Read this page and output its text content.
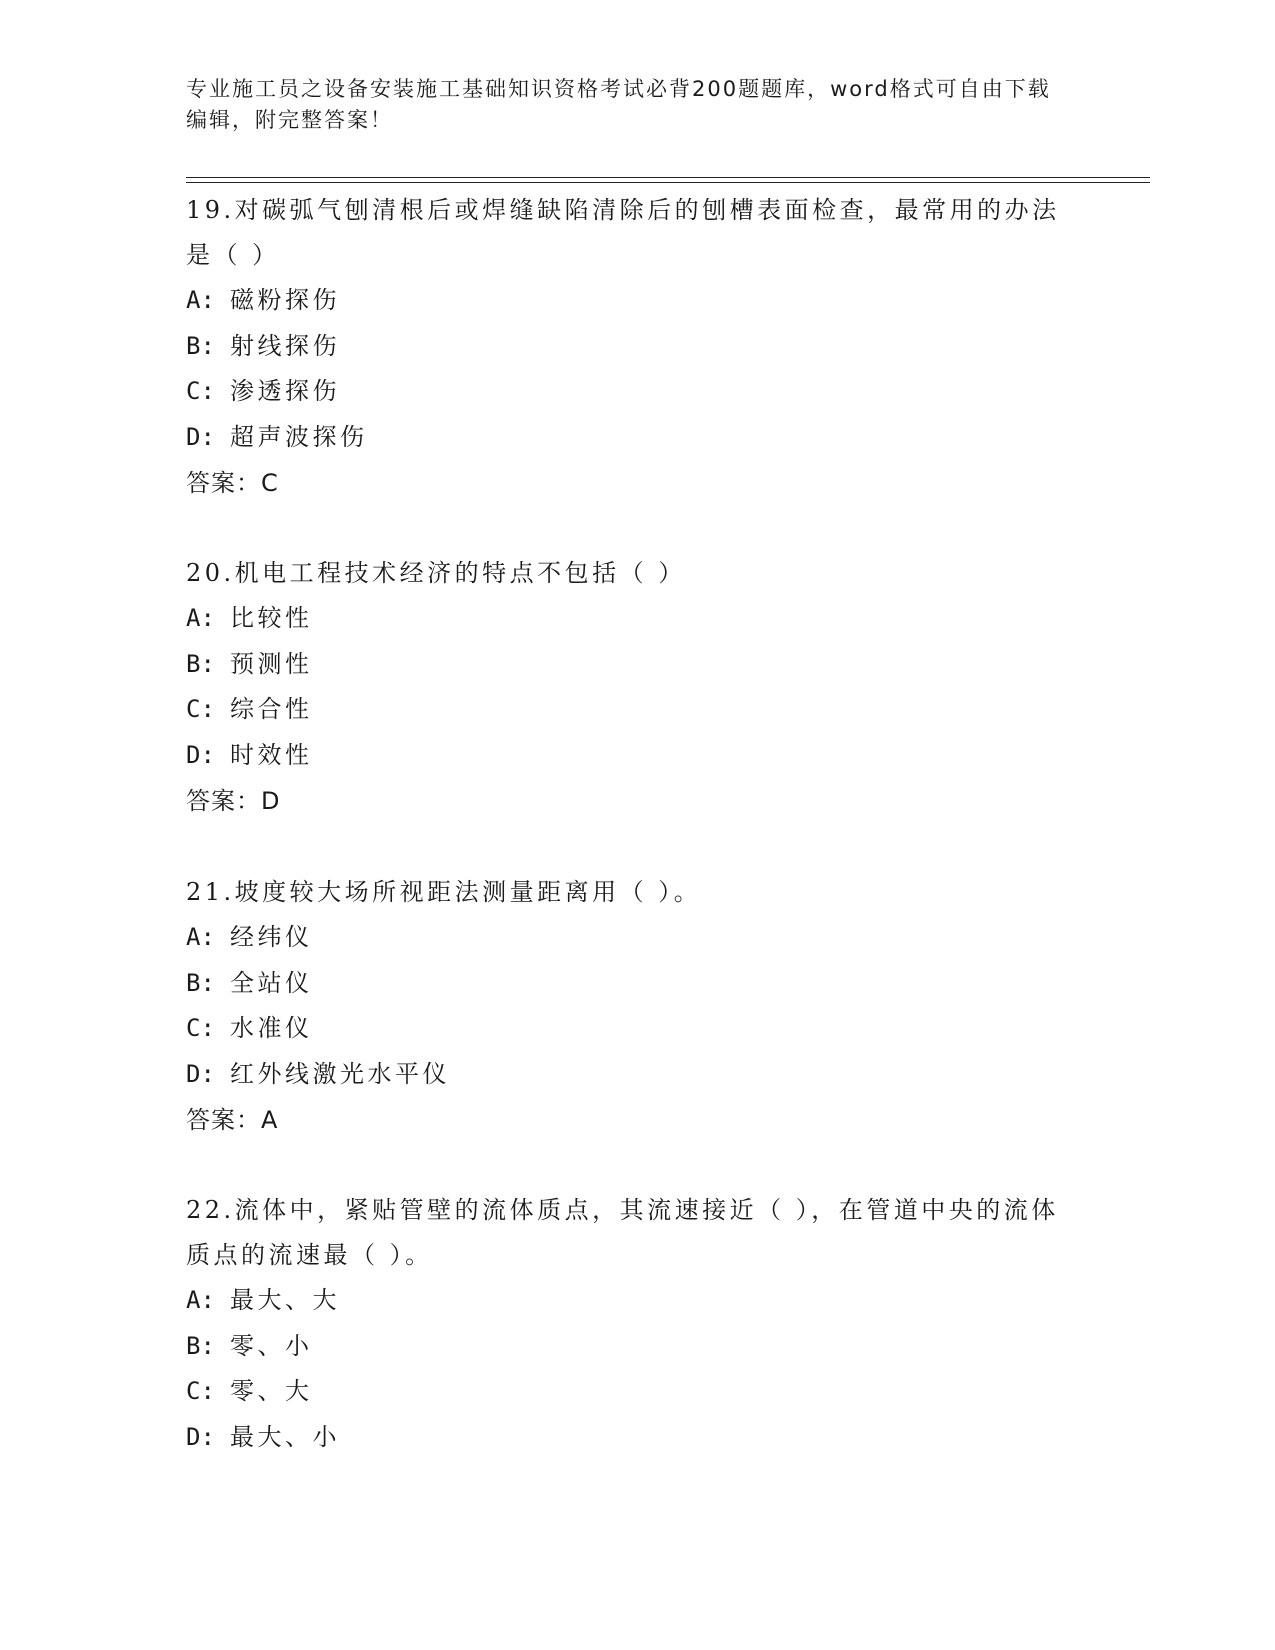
专业施工员之设备安装施工基础知识资格考试必背200题题库，word格式可自由下载编辑，附完整答案！

19.对碳弧气刨清根后或焊缝缺陷清除后的刨槽表面检查，最常用的办法是（ ）

A: 磁粉探伤

B: 射线探伤

C: 渗透探伤

D: 超声波探伤

答案：C

20.机电工程技术经济的特点不包括（ ）

A: 比较性

B: 预测性

C: 综合性

D: 时效性

答案：D

21.坡度较大场所视距法测量距离用（ ）。

A: 经纬仪

B: 全站仪

C: 水准仪

D: 红外线激光水平仪

答案：A

22.流体中，紧贴管壁的流体质点，其流速接近（ ），在管道中央的流体质点的流速最（ ）。

A: 最大、大

B: 零、小

C: 零、大

D: 最大、小
